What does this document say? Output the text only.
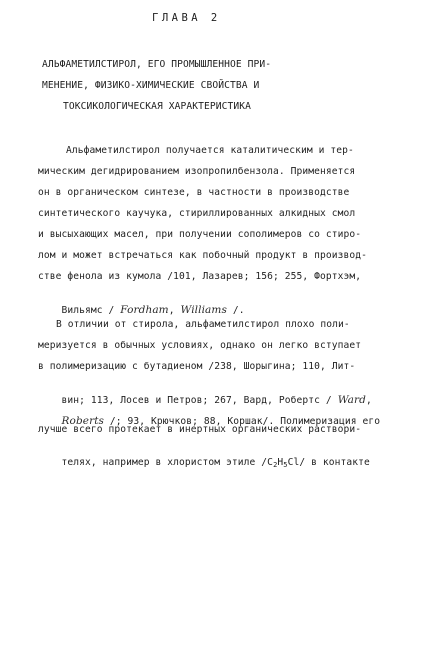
ГЛАВА 2
АЛЬФАМЕТИЛСТИРОЛ, ЕГО ПРОМЫШЛЕННОЕ ПРИ-
МЕНЕНИЕ, ФИЗИКО-ХИМИЧЕСКИЕ СВОЙСТВА И
ТОКСИКОЛОГИЧЕСКАЯ ХАРАКТЕРИСТИКА
Альфаметилстирол получается каталитическим и тер-
мическим дегидрированием изопропилбензола. Применяется
он в органическом синтезе, в частности в производстве
синтетического каучука, стириллированных алкидных смол
и высыхающих масел, при получении сополимеров со стиро-
лом и может встречаться как побочный продукт в производ-
стве фенола из кумола /101, Лазарев; 156; 255, Фортхэм,

Вильямс / Fordham, Williams /.

В отличии от стирола, альфаметилстирол плохо поли-
меризуется в обычных условиях, однако он легко вступает
в полимеризацию с бутадиеном /238, Шорыгина; 110, Лит-

вин; 113, Лосев и Петров; 267, Вард, Робертс / Ward,

Roberts /; 93, Крючков; 88, Коршак/. Полимеризация его

лучше всего протекает в инертных органических раствори-

телях, например в хлористом этиле $/C_2H_5Cl/$ в контакте
